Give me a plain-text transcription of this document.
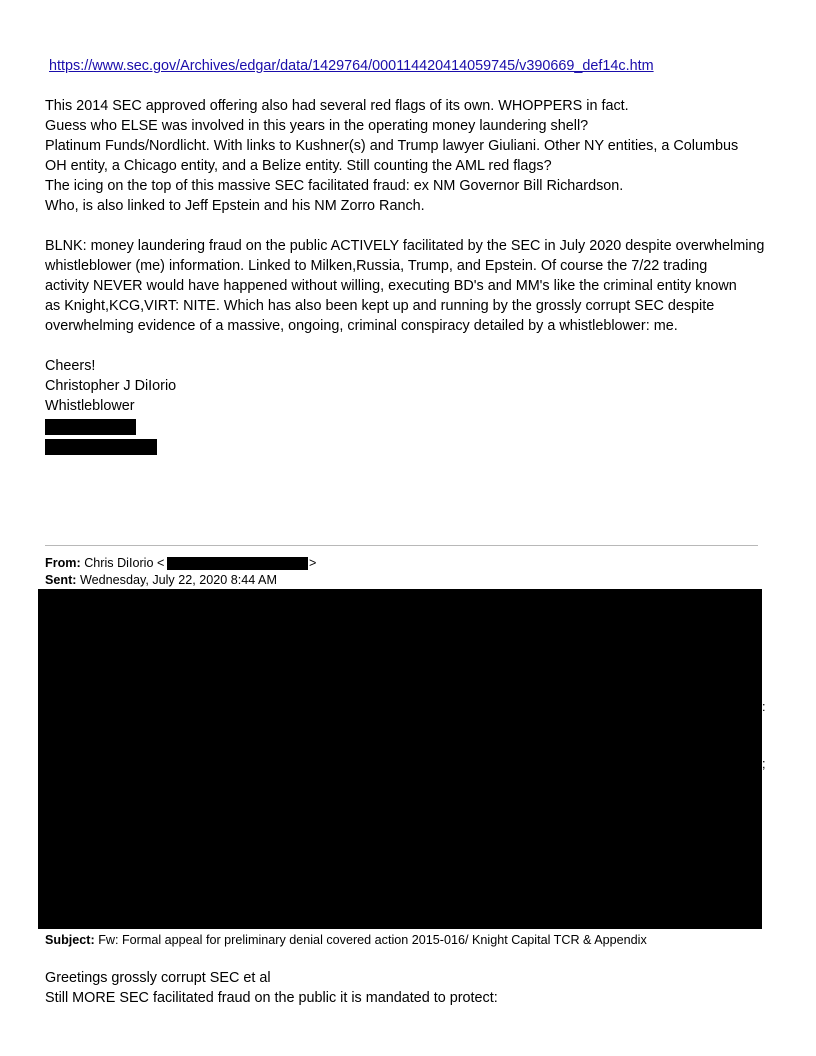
https://www.sec.gov/Archives/edgar/data/1429764/000114420414059745/v390669_def14c.htm

This 2014 SEC approved offering also had several red flags of its own. WHOPPERS in fact.

Guess who ELSE was involved in this years in the operating money laundering shell?

Platinum Funds/Nordlicht. With links to Kushner(s) and Trump lawyer Giuliani. Other NY entities, a Columbus

OH entity, a Chicago entity, and a Belize entity. Still counting the AML red flags?

The icing on the top of this massive SEC facilitated fraud: ex NM Governor Bill Richardson.

Who, is also linked to Jeff Epstein and his NM Zorro Ranch.

BLNK: money laundering fraud on the public ACTIVELY facilitated by the SEC in July 2020 despite overwhelming

whistleblower (me) information. Linked to Milken,Russia, Trump, and Epstein. Of course the 7/22 trading

activity NEVER would have happened without willing, executing BD's and MM's like the criminal entity known

as Knight,KCG,VIRT: NITE. Which has also been kept up and running by the grossly corrupt SEC despite

overwhelming evidence of a massive, ongoing, criminal conspiracy detailed by a whistleblower: me.

Cheers!

Christopher J DiIorio

Whistleblower

From: Chris DiIorio <	>
Sent: Wednesday, July 22, 2020 8:44 AM
:
;
Subject: Fw: Formal appeal for preliminary denial covered action 2015-016/ Knight Capital TCR & Appendix

Greetings grossly corrupt SEC et al

Still MORE SEC facilitated fraud on the public it is mandated to protect:
